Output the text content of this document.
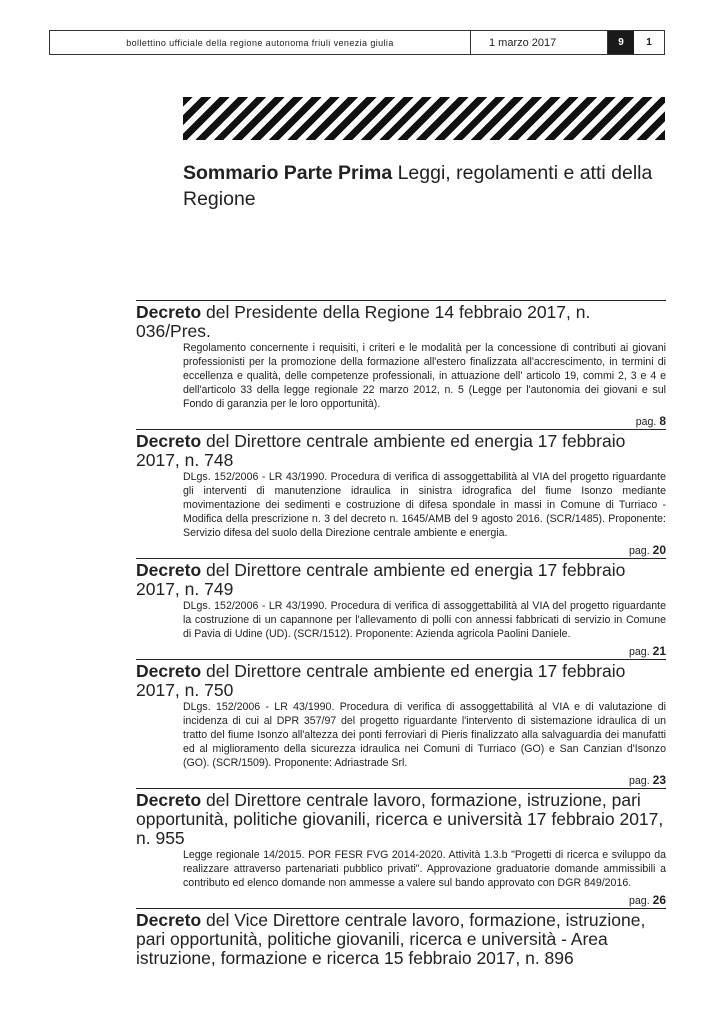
bollettino ufficiale della regione autonoma friuli venezia giulia	1 marzo 2017	9	1
Sommario Parte Prima Leggi, regolamenti e atti della Regione
Decreto del Presidente della Regione 14 febbraio 2017, n. 036/Pres.
Regolamento concernente i requisiti, i criteri e le modalità per la concessione di contributi ai giovani professionisti per la promozione della formazione all'estero finalizzata all'accrescimento, in termini di eccellenza e qualità, delle competenze professionali, in attuazione dell' articolo 19, commi 2, 3 e 4 e dell'articolo 33 della legge regionale 22 marzo 2012, n. 5 (Legge per l'autonomia dei giovani e sul Fondo di garanzia per le loro opportunità).
pag. 8
Decreto del Direttore centrale ambiente ed energia 17 febbraio 2017, n. 748
DLgs. 152/2006 - LR 43/1990. Procedura di verifica di assoggettabilità al VIA del progetto riguardante gli interventi di manutenzione idraulica in sinistra idrografica del fiume Isonzo mediante movimentazione dei sedimenti e costruzione di difesa spondale in massi in Comune di Turriaco - Modifica della prescrizione n. 3 del decreto n. 1645/AMB del 9 agosto 2016. (SCR/1485). Proponente: Servizio difesa del suolo della Direzione centrale ambiente e energia.
pag. 20
Decreto del Direttore centrale ambiente ed energia 17 febbraio 2017, n. 749
DLgs. 152/2006 - LR 43/1990. Procedura di verifica di assoggettabilità al VIA del progetto riguardante la costruzione di un capannone per l'allevamento di polli con annessi fabbricati di servizio in Comune di Pavia di Udine (UD). (SCR/1512). Proponente: Azienda agricola Paolini Daniele.
pag. 21
Decreto del Direttore centrale ambiente ed energia 17 febbraio 2017, n. 750
DLgs. 152/2006 - LR 43/1990. Procedura di verifica di assoggettabilità al VIA e di valutazione di incidenza di cui al DPR 357/97 del progetto riguardante l'intervento di sistemazione idraulica di un tratto del fiume Isonzo all'altezza dei ponti ferroviari di Pieris finalizzato alla salvaguardia dei manufatti ed al miglioramento della sicurezza idraulica nei Comuni di Turriaco (GO) e San Canzian d'Isonzo (GO). (SCR/1509). Proponente: Adriastrade Srl.
pag. 23
Decreto del Direttore centrale lavoro, formazione, istruzione, pari opportunità, politiche giovanili, ricerca e università 17 febbraio 2017, n. 955
Legge regionale 14/2015. POR FESR FVG 2014-2020. Attività 1.3.b "Progetti di ricerca e sviluppo da realizzare attraverso partenariati pubblico privati". Approvazione graduatorie domande ammissibili a contributo ed elenco domande non ammesse a valere sul bando approvato con DGR 849/2016.
pag. 26
Decreto del Vice Direttore centrale lavoro, formazione, istruzione, pari opportunità, politiche giovanili, ricerca e università - Area istruzione, formazione e ricerca 15 febbraio 2017, n. 896
